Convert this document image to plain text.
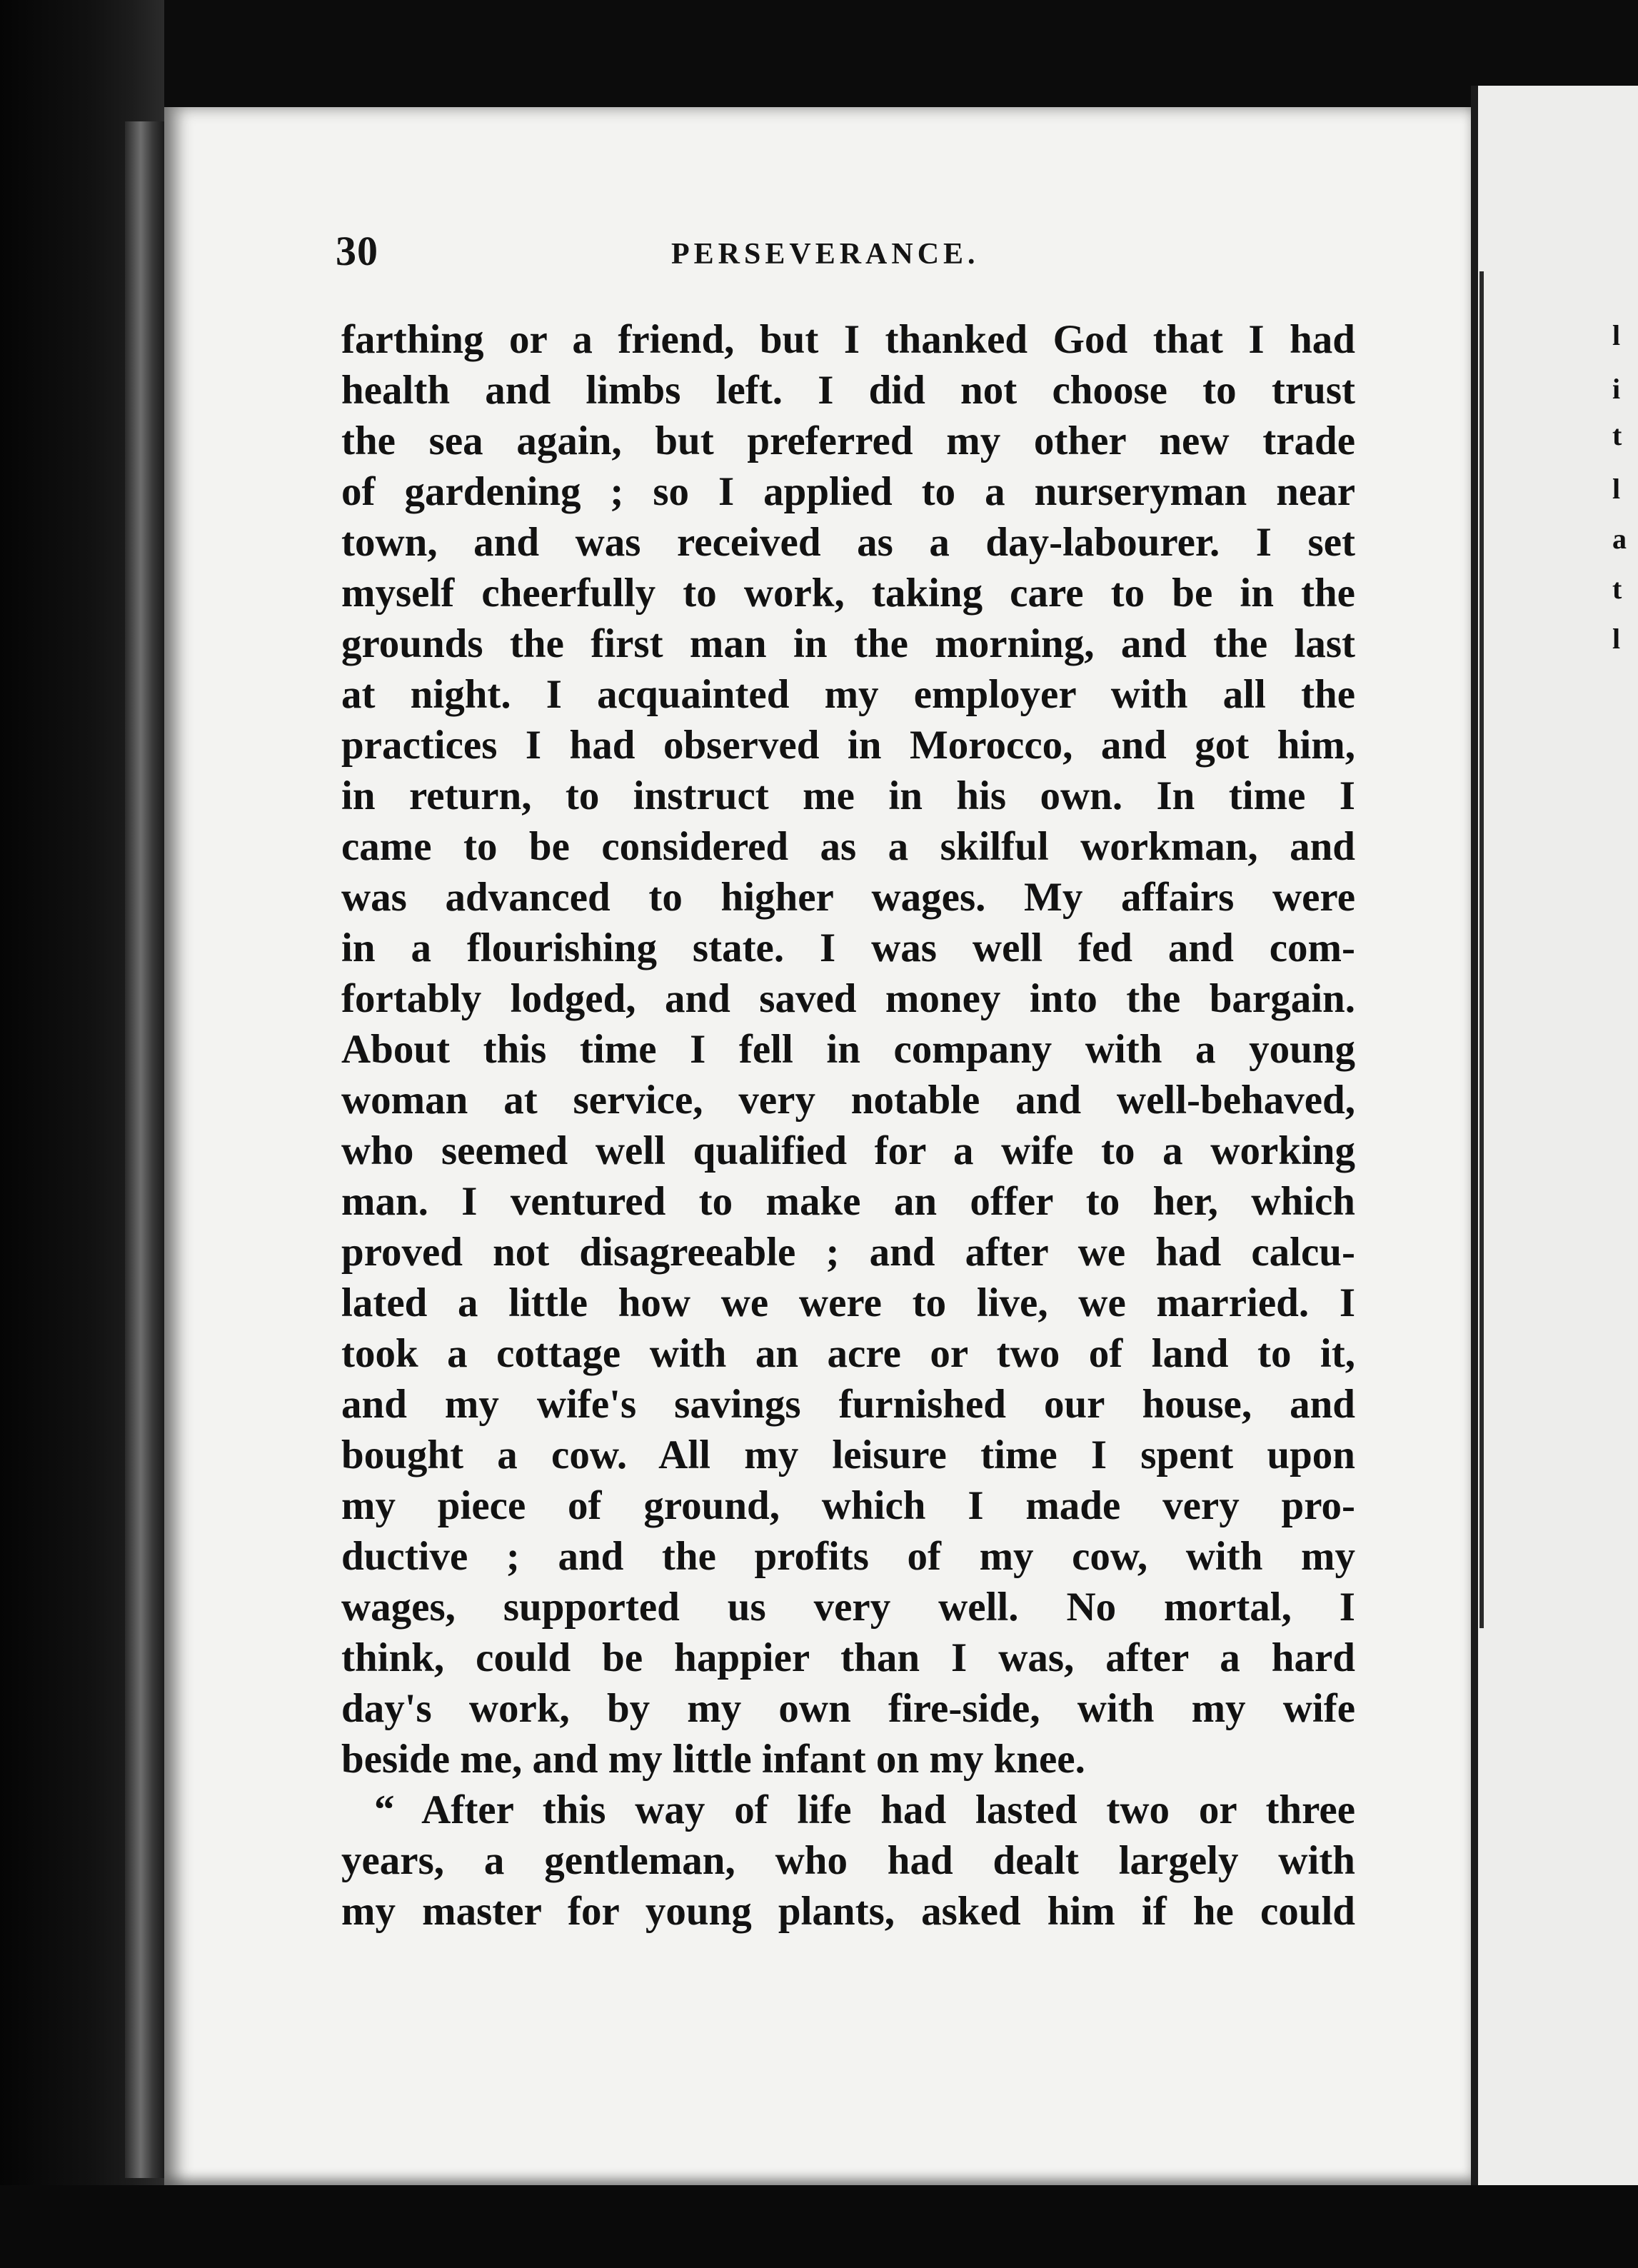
l
i
t
l
a
t
l
30	PERSEVERANCE.
farthing or a friend, but I thanked God that I had
health and limbs left. I did not choose to trust
the sea again, but preferred my other new trade
of gardening ; so I applied to a nurseryman near
town, and was received as a day-labourer. I set
myself cheerfully to work, taking care to be in the
grounds the first man in the morning, and the last
at night. I acquainted my employer with all the
practices I had observed in Morocco, and got him,
in return, to instruct me in his own. In time I
came to be considered as a skilful workman, and
was advanced to higher wages. My affairs were
in a flourishing state. I was well fed and com-
fortably lodged, and saved money into the bargain.
About this time I fell in company with a young
woman at service, very notable and well-behaved,
who seemed well qualified for a wife to a working
man. I ventured to make an offer to her, which
proved not disagreeable ; and after we had calcu-
lated a little how we were to live, we married. I
took a cottage with an acre or two of land to it,
and my wife's savings furnished our house, and
bought a cow. All my leisure time I spent upon
my piece of ground, which I made very pro-
ductive ; and the profits of my cow, with my
wages, supported us very well. No mortal, I
think, could be happier than I was, after a hard
day's work, by my own fire-side, with my wife
beside me, and my little infant on my knee.
“ After this way of life had lasted two or three
years, a gentleman, who had dealt largely with
my master for young plants, asked him if he could
